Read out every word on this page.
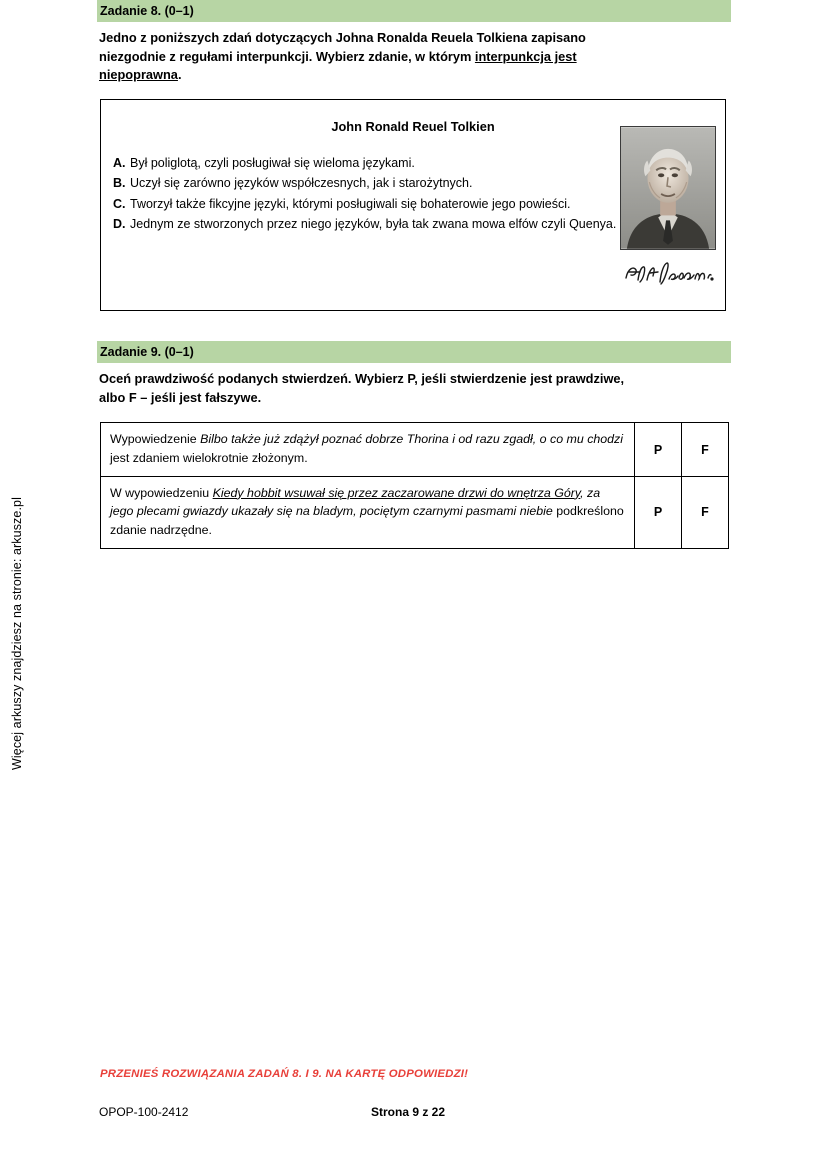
Więcej arkuszy znajdziesz na stronie: arkusze.pl
Zadanie 8. (0–1)
Jedno z poniższych zdań dotyczących Johna Ronalda Reuela Tolkiena zapisano
niezgodnie z regułami interpunkcji. Wybierz zdanie, w którym interpunkcja jest
niepoprawna.
John Ronald Reuel Tolkien
A. Był poliglotą, czyli posługiwał się wieloma językami.
B. Uczył się zarówno języków współczesnych, jak i starożytnych.
C. Tworzył także fikcyjne języki, którymi posługiwali się bohaterowie jego powieści.
D. Jednym ze stworzonych przez niego języków, była tak zwana mowa elfów czyli Quenya.
Zadanie 9. (0–1)
Oceń prawdziwość podanych stwierdzeń. Wybierz P, jeśli stwierdzenie jest prawdziwe,
albo F – jeśli jest fałszywe.
Wypowiedzenie Bilbo także już zdążył poznać dobrze Thorina i od razu zgadł, o co mu chodzi jest zdaniem wielokrotnie złożonym.	P	F
W wypowiedzeniu Kiedy hobbit wsuwał się przez zaczarowane drzwi do wnętrza Góry, za jego plecami gwiazdy ukazały się na bladym, pociętym czarnymi pasmami niebie podkreślono zdanie nadrzędne.	P	F
PRZENIEŚ ROZWIĄZANIA ZADAŃ 8. I 9. NA KARTĘ ODPOWIEDZI!
OPOP-100-2412	Strona 9 z 22
